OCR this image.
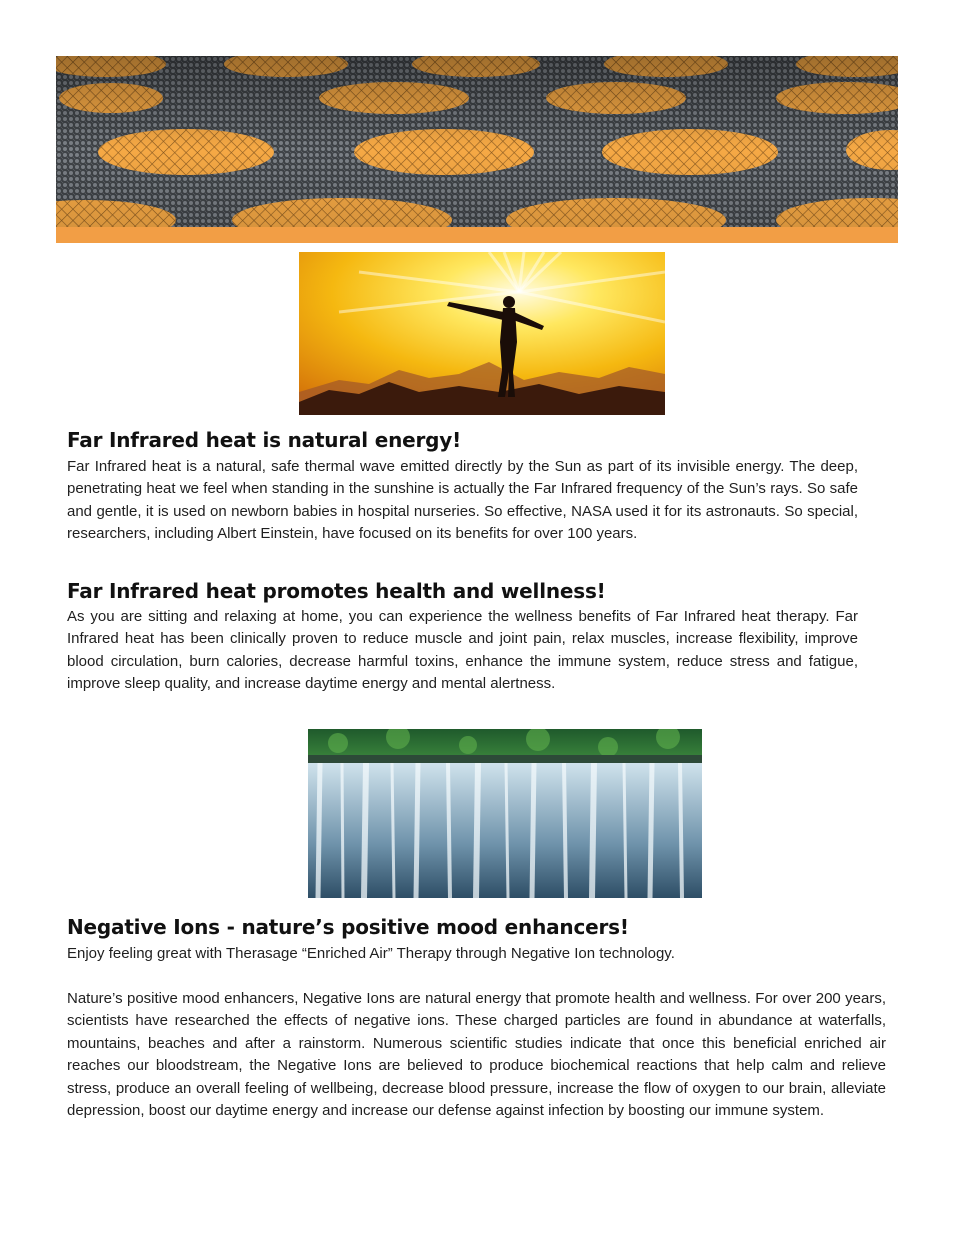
Far Infrared heat is natural energy!

Far Infrared heat is a natural, safe thermal wave emitted directly by the Sun as part of its invisible energy. The deep, penetrating heat we feel when standing in the sunshine is actually the Far Infrared frequency of the Sun’s rays. So safe and gentle, it is used on newborn babies in hospital nurseries. So effective, NASA used it for its astronauts. So special, researchers, including Albert Einstein, have focused on its benefits for over 100 years.

Far Infrared heat promotes health and wellness!

As you are sitting and relaxing at home, you can experience the wellness benefits of Far Infrared heat therapy. Far Infrared heat has been clinically proven to reduce muscle and joint pain, relax muscles, increase flexibility, improve blood circulation, burn calories, decrease harmful toxins, enhance the immune system, reduce stress and fatigue, improve sleep quality, and increase daytime energy and mental alertness.

Negative Ions - nature’s positive mood enhancers!

Enjoy feeling great with Therasage “Enriched Air” Therapy through Negative Ion technology.

Nature’s positive mood enhancers, Negative Ions are natural energy that promote health and wellness. For over 200 years, scientists have researched the effects of negative ions. These charged particles are found in abundance at waterfalls, mountains, beaches and after a rainstorm. Numerous scientific studies indicate that once this beneficial enriched air reaches our bloodstream, the Negative Ions are believed to produce biochemical reactions that help calm and relieve stress, produce an overall feeling of wellbeing, decrease blood pressure, increase the flow of oxygen to our brain, alleviate depression, boost our daytime energy and increase our defense against infection by boosting our immune system.
